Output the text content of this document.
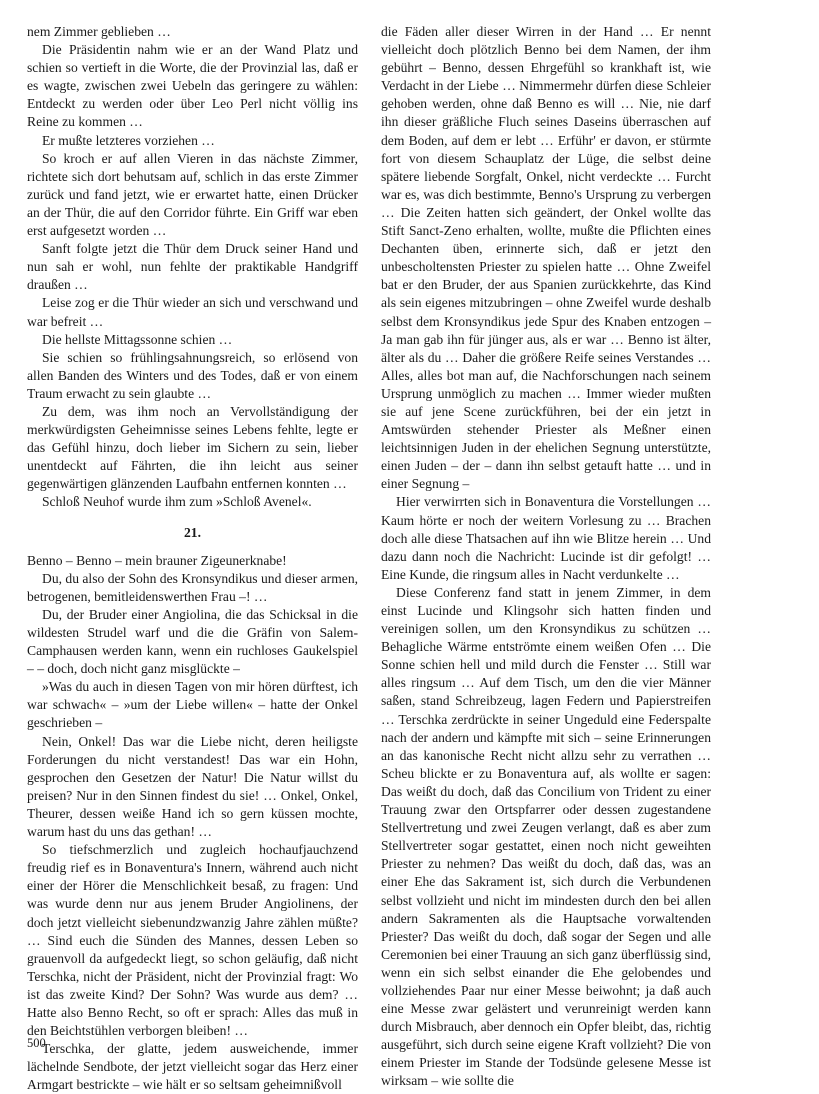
nem Zimmer geblieben …

Die Präsidentin nahm wie er an der Wand Platz und schien so vertieft in die Worte, die der Provinzial las, daß er es wagte, zwischen zwei Uebeln das geringere zu wählen: Entdeckt zu werden oder über Leo Perl nicht völlig ins Reine zu kommen …

Er mußte letzteres vorziehen …

So kroch er auf allen Vieren in das nächste Zimmer, richtete sich dort behutsam auf, schlich in das erste Zimmer zurück und fand jetzt, wie er erwartet hatte, einen Drücker an der Thür, die auf den Corridor führte. Ein Griff war eben erst aufgesetzt worden …

Sanft folgte jetzt die Thür dem Druck seiner Hand und nun sah er wohl, nun fehlte der praktikable Handgriff draußen …

Leise zog er die Thür wieder an sich und verschwand und war befreit …

Die hellste Mittagssonne schien …

Sie schien so frühlingsahnungsreich, so erlösend von allen Banden des Winters und des Todes, daß er von einem Traum erwacht zu sein glaubte …

Zu dem, was ihm noch an Vervollständigung der merkwürdigsten Geheimnisse seines Lebens fehlte, legte er das Gefühl hinzu, doch lieber im Sichern zu sein, lieber unentdeckt auf Fährten, die ihn leicht aus seiner gegenwärtigen glänzenden Laufbahn entfernen konnten …

Schloß Neuhof wurde ihm zum »Schloß Avenel«.

21.

Benno – Benno – mein brauner Zigeunerknabe!

Du, du also der Sohn des Kronsyndikus und dieser armen, betrogenen, bemitleidenswerthen Frau –! …

Du, der Bruder einer Angiolina, die das Schicksal in die wildesten Strudel warf und die die Gräfin von Salem-Camphausen werden kann, wenn ein ruchloses Gaukelspiel – – doch, doch nicht ganz misglückte –

»Was du auch in diesen Tagen von mir hören dürftest, ich war schwach« – »um der Liebe willen« – hatte der Onkel geschrieben –

Nein, Onkel! Das war die Liebe nicht, deren heiligste Forderungen du nicht verstandest! Das war ein Hohn, gesprochen den Gesetzen der Natur! Die Natur willst du preisen? Nur in den Sinnen findest du sie! … Onkel, Onkel, Theurer, dessen weiße Hand ich so gern küssen mochte, warum hast du uns das gethan! …

So tiefschmerzlich und zugleich hochaufjauchzend freudig rief es in Bonaventura's Innern, während auch nicht einer der Hörer die Menschlichkeit besaß, zu fragen: Und was wurde denn nur aus jenem Bruder Angiolinens, der doch jetzt vielleicht siebenundzwanzig Jahre zählen müßte? … Sind euch die Sünden des Mannes, dessen Leben so grauenvoll da aufgedeckt liegt, so schon geläufig, daß nicht Terschka, nicht der Präsident, nicht der Provinzial fragt: Wo ist das zweite Kind? Der Sohn? Was wurde aus dem? … Hatte also Benno Recht, so oft er sprach: Alles das muß in den Beichtstühlen verborgen bleiben! …

Terschka, der glatte, jedem ausweichende, immer lächelnde Sendbote, der jetzt vielleicht sogar das Herz einer Armgart bestrickte – wie hält er so seltsam geheimnißvoll

die Fäden aller dieser Wirren in der Hand … Er nennt vielleicht doch plötzlich Benno bei dem Namen, der ihm gebührt – Benno, dessen Ehrgefühl so krankhaft ist, wie Verdacht in der Liebe … Nimmermehr dürfen diese Schleier gehoben werden, ohne daß Benno es will … Nie, nie darf ihn dieser gräßliche Fluch seines Daseins überraschen auf dem Boden, auf dem er lebt … Erführ' er davon, er stürmte fort von diesem Schauplatz der Lüge, die selbst deine spätere liebende Sorgfalt, Onkel, nicht verdeckte … Furcht war es, was dich bestimmte, Benno's Ursprung zu verbergen … Die Zeiten hatten sich geändert, der Onkel wollte das Stift Sanct-Zeno erhalten, wollte, mußte die Pflichten eines Dechanten üben, erinnerte sich, daß er jetzt den unbescholtensten Priester zu spielen hatte … Ohne Zweifel bat er den Bruder, der aus Spanien zurückkehrte, das Kind als sein eigenes mitzubringen – ohne Zweifel wurde deshalb selbst dem Kronsyndikus jede Spur des Knaben entzogen – Ja man gab ihn für jünger aus, als er war … Benno ist älter, älter als du … Daher die größere Reife seines Verstandes … Alles, alles bot man auf, die Nachforschungen nach seinem Ursprung unmöglich zu machen … Immer wieder mußten sie auf jene Scene zurückführen, bei der ein jetzt in Amtswürden stehender Priester als Meßner einen leichtsinnigen Juden in der ehelichen Segnung unterstützte, einen Juden – der – dann ihn selbst getauft hatte … und in einer Segnung –

Hier verwirrten sich in Bonaventura die Vorstellungen … Kaum hörte er noch der weitern Vorlesung zu … Brachen doch alle diese Thatsachen auf ihn wie Blitze herein … Und dazu dann noch die Nachricht: Lucinde ist dir gefolgt! … Eine Kunde, die ringsum alles in Nacht verdunkelte …

Diese Conferenz fand statt in jenem Zimmer, in dem einst Lucinde und Klingsohr sich hatten finden und vereinigen sollen, um den Kronsyndikus zu schützen … Behagliche Wärme entströmte einem weißen Ofen … Die Sonne schien hell und mild durch die Fenster … Still war alles ringsum … Auf dem Tisch, um den die vier Männer saßen, stand Schreibzeug, lagen Federn und Papierstreifen … Terschka zerdrückte in seiner Ungeduld eine Federspalte nach der andern und kämpfte mit sich – seine Erinnerungen an das kanonische Recht nicht allzu sehr zu verrathen … Scheu blickte er zu Bonaventura auf, als wollte er sagen: Das weißt du doch, daß das Concilium von Trident zu einer Trauung zwar den Ortspfarrer oder dessen zugestandene Stellvertretung und zwei Zeugen verlangt, daß es aber zum Stellvertreter sogar gestattet, einen noch nicht geweihten Priester zu nehmen? Das weißt du doch, daß das, was an einer Ehe das Sakrament ist, sich durch die Verbundenen selbst vollzieht und nicht im mindesten durch den bei allen andern Sakramenten als die Hauptsache vorwaltenden Priester? Das weißt du doch, daß sogar der Segen und alle Ceremonien bei einer Trauung an sich ganz überflüssig sind, wenn ein sich selbst einander die Ehe gelobendes und vollziehendes Paar nur einer Messe beiwohnt; ja daß auch eine Messe zwar gelästert und verunreinigt werden kann durch Misbrauch, aber dennoch ein Opfer bleibt, das, richtig ausgeführt, sich durch seine eigene Kraft vollzieht? Die von einem Priester im Stande der Todsünde gelesene Messe ist wirksam – wie sollte die

500
